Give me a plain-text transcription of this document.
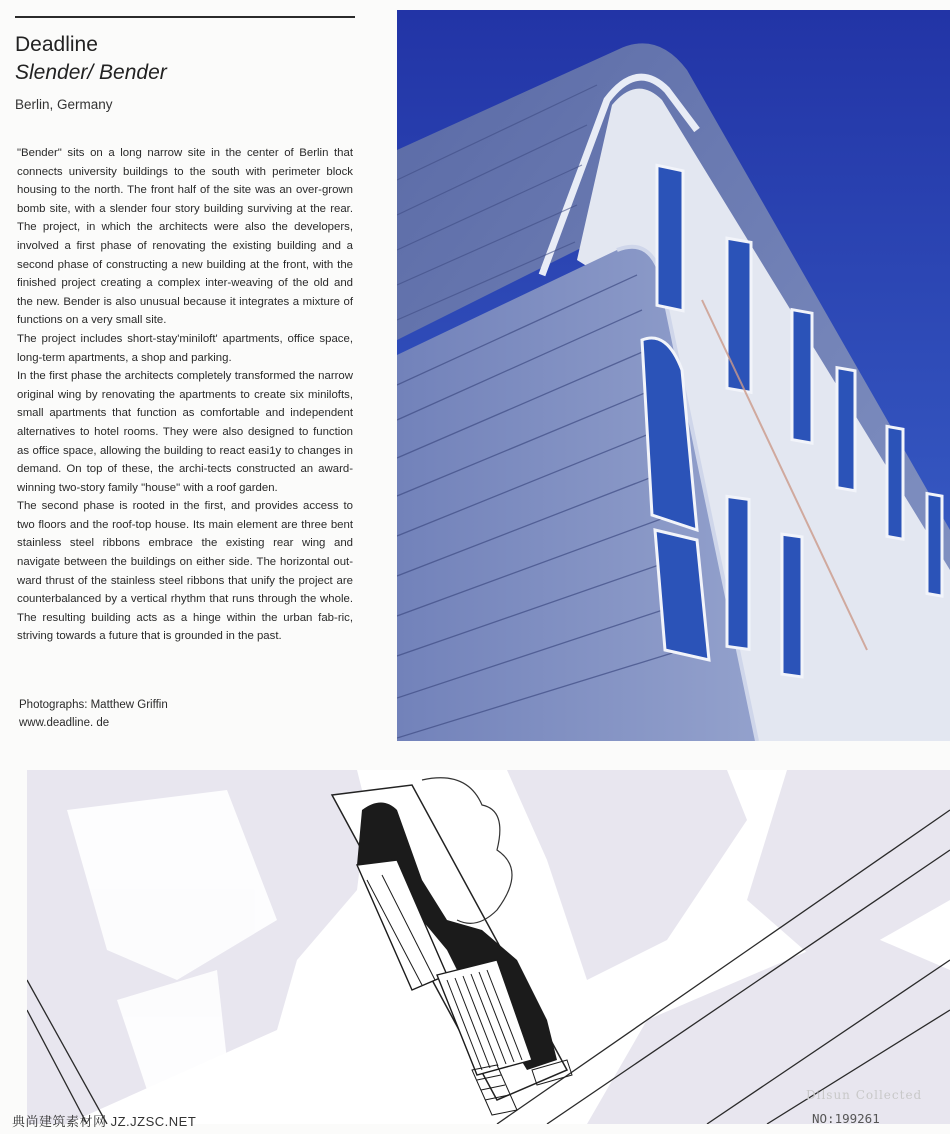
Deadline
Slender/ Bender
Berlin, Germany

"Bender" sits on a long narrow site in the center of Berlin that connects university buildings to the south with perimeter block housing to the north. The front half of the site was an over-grown bomb site, with a slender four story building surviving at the rear. The project, in which the architects were also the developers, involved a first phase of renovating the existing building and a second phase of constructing a new building at the front, with the finished project creating a complex inter-weaving of the old and the new. Bender is also unusual because it integrates a mixture of functions on a very small site.

The project includes short-stay'miniloft' apartments, office space, long-term apartments, a shop and parking.

In the first phase the architects completely transformed the narrow original wing by renovating the apartments to create six minilofts, small apartments that function as comfortable and independent alternatives to hotel rooms. They were also designed to function as office space, allowing the building to react easi1y to changes in demand. On top of these, the archi-tects constructed an award-winning two-story family "house" with a roof garden.

The second phase is rooted in the first, and provides access to two floors and the roof-top house. Its main element are three bent stainless steel ribbons embrace the existing rear wing and navigate between the buildings on either side. The horizontal out-ward thrust of the stainless steel ribbons that unify the project are counterbalanced by a vertical rhythm that runs through the whole. The resulting building acts as a hinge within the urban fab-ric, striving towards a future that is grounded in the past.

Photographs: Matthew Griffin
www.deadline. de
Dilsun Collected
典尚建筑素材网 JZ.JZSC.NET	NO:199261
